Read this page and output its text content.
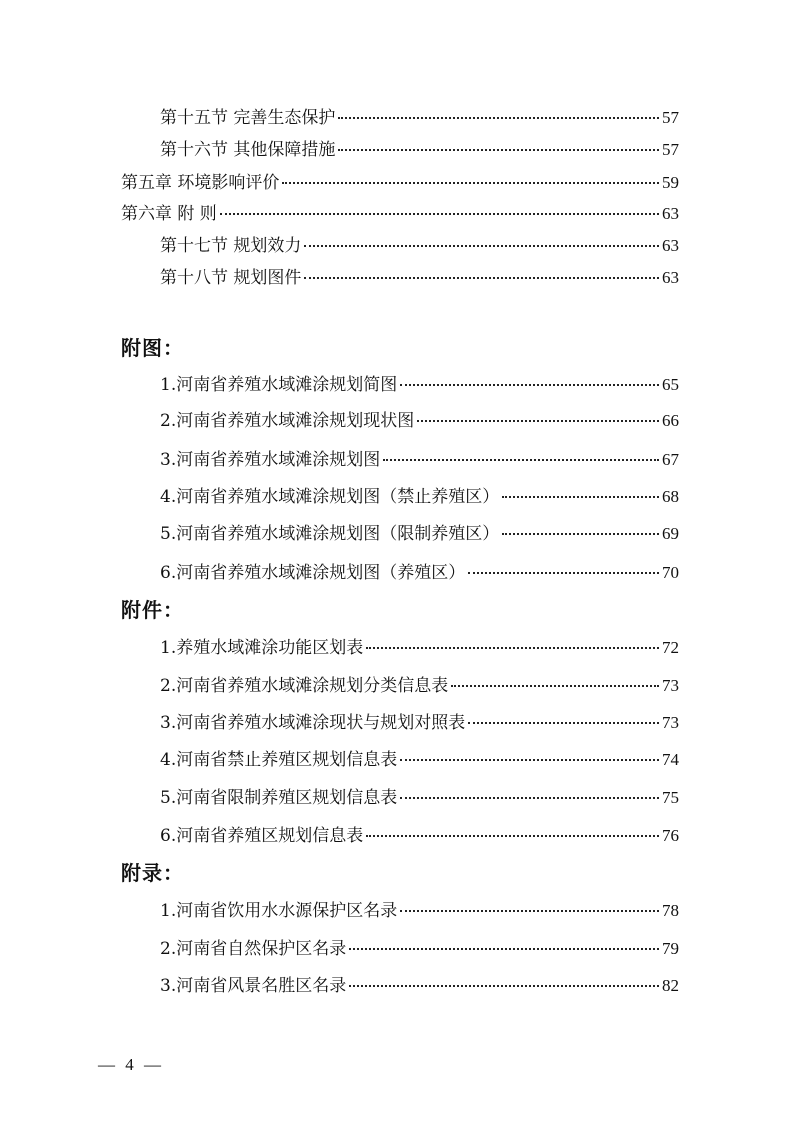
第十五节 完善生态保护	57
第十六节 其他保障措施	57
第五章 环境影响评价	59
第六章 附 则	63
第十七节 规划效力	63
第十八节 规划图件	63
附图：
1.河南省养殖水域滩涂规划简图	65
2.河南省养殖水域滩涂规划现状图	66
3.河南省养殖水域滩涂规划图	67
4.河南省养殖水域滩涂规划图（禁止养殖区）	68
5.河南省养殖水域滩涂规划图（限制养殖区）	69
6.河南省养殖水域滩涂规划图（养殖区）	70
附件：
1.养殖水域滩涂功能区划表	72
2.河南省养殖水域滩涂规划分类信息表	73
3.河南省养殖水域滩涂现状与规划对照表	73
4.河南省禁止养殖区规划信息表	74
5.河南省限制养殖区规划信息表	75
6.河南省养殖区规划信息表	76
附录：
1.河南省饮用水水源保护区名录	78
2.河南省自然保护区名录	79
3.河南省风景名胜区名录	82
— 4 —
